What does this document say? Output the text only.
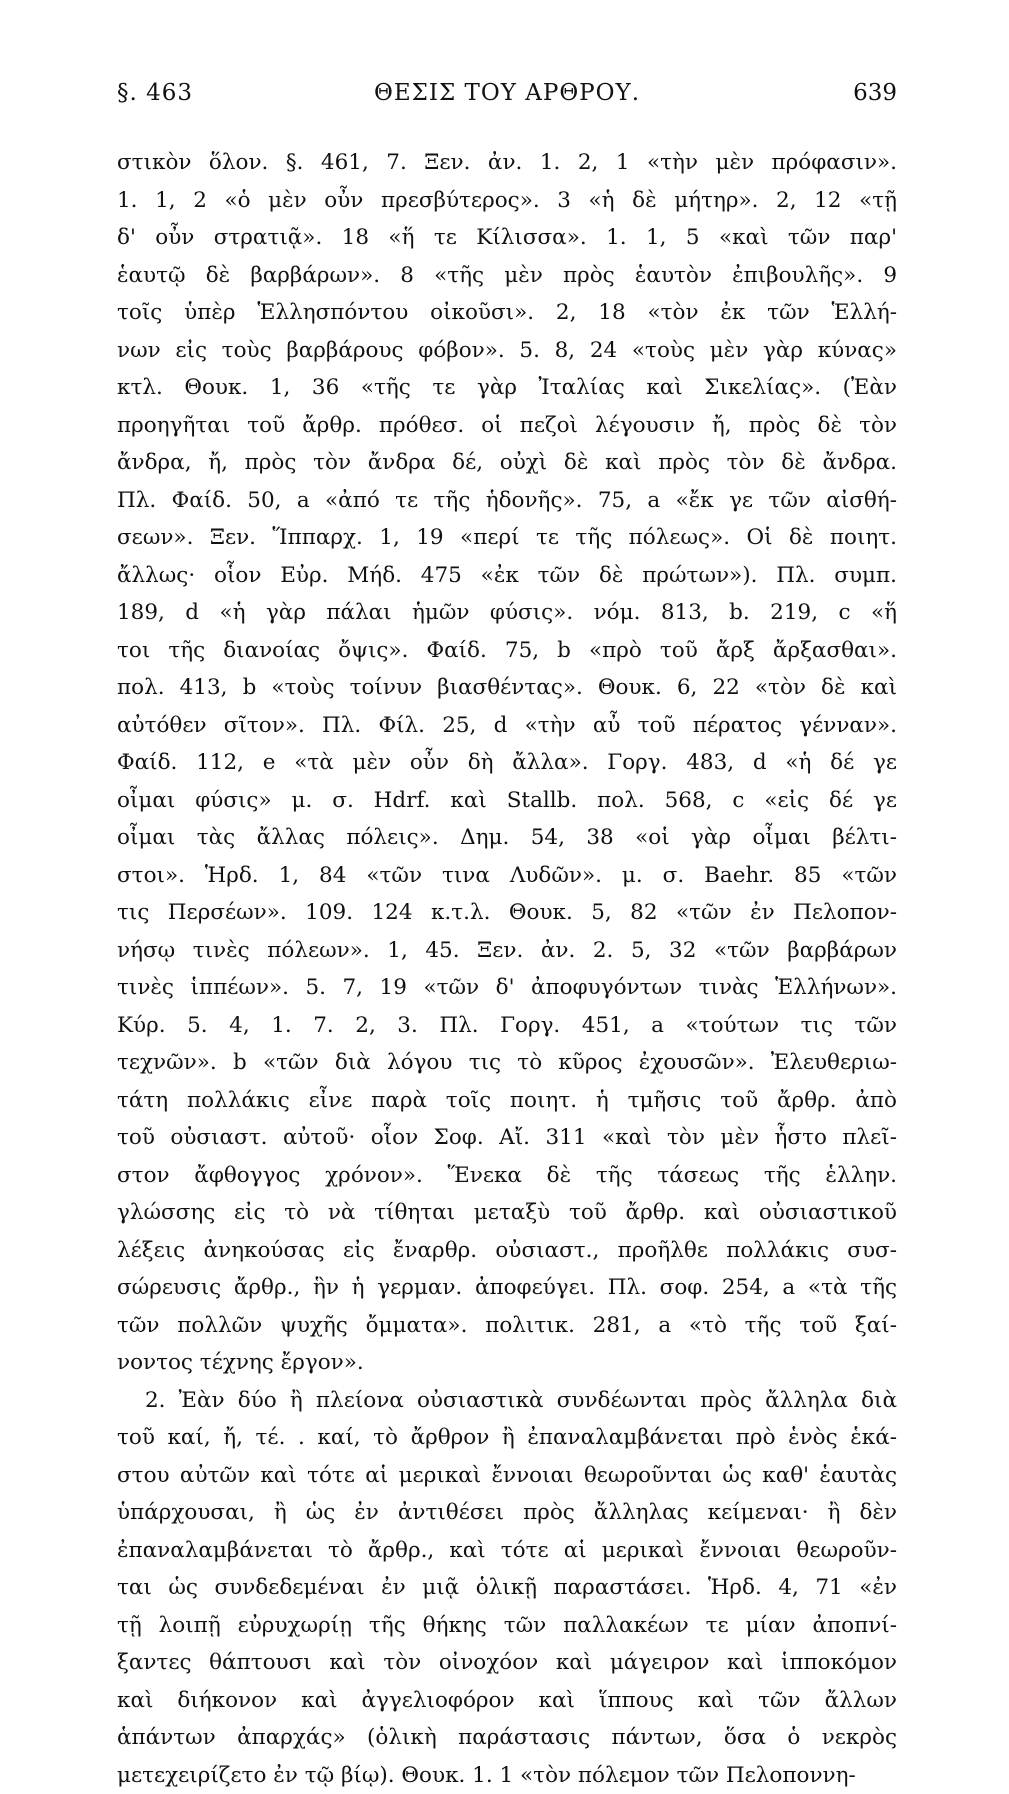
§. 463	ΘΕΣΙΣ ΤΟΥ ΑΡΘΡΟΥ.	639
στικὸν ὅλον. §. 461, 7. Ξεν. ἀν. 1. 2, 1 «τὴν μὲν πρόφασιν».
1. 1, 2 «ὁ μὲν οὖν πρεσβύτερος». 3 «ἡ δὲ μήτηρ». 2, 12 «τῇ
δ' οὖν στρατιᾷ». 18 «ἥ τε Κίλισσα». 1. 1, 5 «καὶ τῶν παρ'
ἑαυτῷ δὲ βαρβάρων». 8 «τῆς μὲν πρὸς ἑαυτὸν ἐπιβουλῆς». 9
τοῖς ὑπὲρ Ἑλλησπόντου οἰκοῦσι». 2, 18 «τὸν ἐκ τῶν Ἑλλή-
νων εἰς τοὺς βαρβάρους φόβον». 5. 8, 24 «τοὺς μὲν γὰρ κύνας»
κτλ. Θουκ. 1, 36 «τῆς τε γὰρ Ἰταλίας καὶ Σικελίας». (Ἐὰν
προηγῆται τοῦ ἄρθρ. πρόθεσ. οἱ πεζοὶ λέγουσιν ἤ, πρὸς δὲ τὸν
ἄνδρα, ἤ, πρὸς τὸν ἄνδρα δέ, οὐχὶ δὲ καὶ πρὸς τὸν δὲ ἄνδρα.
Πλ. Φαίδ. 50, a «ἀπό τε τῆς ἡδονῆς». 75, a «ἔκ γε τῶν αἰσθή-
σεων». Ξεν. Ἵππαρχ. 1, 19 «περί τε τῆς πόλεως». Οἱ δὲ ποιητ.
ἄλλως· οἷον Εὐρ. Μήδ. 475 «ἐκ τῶν δὲ πρώτων»). Πλ. συμπ.
189, d «ἡ γὰρ πάλαι ἡμῶν φύσις». νόμ. 813, b. 219, c «ἥ
τοι τῆς διανοίας ὄψις». Φαίδ. 75, b «πρὸ τοῦ ἄρξ ἄρξασθαι».
πολ. 413, b «τοὺς τοίνυν βιασθέντας». Θουκ. 6, 22 «τὸν δὲ καὶ
αὐτόθεν σῖτον». Πλ. Φίλ. 25, d «τὴν αὖ τοῦ πέρατος γένναν».
Φαίδ. 112, e «τὰ μὲν οὖν δὴ ἄλλα». Γοργ. 483, d «ἡ δέ γε
οἶμαι φύσις» μ. σ. Hdrf. καὶ Stallb. πολ. 568, c «εἰς δέ γε
οἶμαι τὰς ἄλλας πόλεις». Δημ. 54, 38 «οἱ γὰρ οἶμαι βέλτι-
στοι». Ἡρδ. 1, 84 «τῶν τινα Λυδῶν». μ. σ. Baehr. 85 «τῶν
τις Περσέων». 109. 124 κ.τ.λ. Θουκ. 5, 82 «τῶν ἐν Πελοπον-
νήσῳ τινὲς πόλεων». 1, 45. Ξεν. ἀν. 2. 5, 32 «τῶν βαρβάρων
τινὲς ἱππέων». 5. 7, 19 «τῶν δ' ἀποφυγόντων τινὰς Ἑλλήνων».
Κύρ. 5. 4, 1. 7. 2, 3. Πλ. Γοργ. 451, a «τούτων τις τῶν
τεχνῶν». b «τῶν διὰ λόγου τις τὸ κῦρος ἐχουσῶν». Ἐλευθεριω-
τάτη πολλάκις εἶνε παρὰ τοῖς ποιητ. ἡ τμῆσις τοῦ ἄρθρ. ἀπὸ
τοῦ οὐσιαστ. αὐτοῦ· οἷον Σοφ. Αἴ. 311 «καὶ τὸν μὲν ἧστο πλεῖ-
στον ἄφθογγος χρόνον». Ἕνεκα δὲ τῆς τάσεως τῆς ἑλλην.
γλώσσης εἰς τὸ νὰ τίθηται μεταξὺ τοῦ ἄρθρ. καὶ οὐσιαστικοῦ
λέξεις ἀνηκούσας εἰς ἔναρθρ. οὐσιαστ., προῆλθε πολλάκις συσ-
σώρευσις ἄρθρ., ἣν ἡ γερμαν. ἀποφεύγει. Πλ. σοφ. 254, a «τὰ τῆς
τῶν πολλῶν ψυχῆς ὄμματα». πολιτικ. 281, a «τὸ τῆς τοῦ ξαί-
νοντος τέχνης ἔργον».
2. Ἐὰν δύο ἢ πλείονα οὐσιαστικὰ συνδέωνται πρὸς ἄλληλα διὰ
τοῦ καί, ἤ, τέ. . καί, τὸ ἄρθρον ἢ ἐπαναλαμβάνεται πρὸ ἑνὸς ἑκά-
στου αὐτῶν καὶ τότε αἱ μερικαὶ ἔννοιαι θεωροῦνται ὡς καθ' ἑαυτὰς
ὑπάρχουσαι, ἢ ὡς ἐν ἀντιθέσει πρὸς ἄλληλας κείμεναι· ἢ δὲν
ἐπαναλαμβάνεται τὸ ἄρθρ., καὶ τότε αἱ μερικαὶ ἔννοιαι θεωροῦν-
ται ὡς συνδεδεμέναι ἐν μιᾷ ὁλικῇ παραστάσει. Ἡρδ. 4, 71 «ἐν
τῇ λοιπῇ εὐρυχωρίῃ τῆς θήκης τῶν παλλακέων τε μίαν ἀποπνί-
ξαντες θάπτουσι καὶ τὸν οἰνοχόον καὶ μάγειρον καὶ ἱπποκόμον
καὶ διήκονον καὶ ἀγγελιοφόρον καὶ ἵππους καὶ τῶν ἄλλων
ἁπάντων ἀπαρχάς» (ὁλικὴ παράστασις πάντων, ὅσα ὁ νεκρὸς
μετεχειρίζετο ἐν τῷ βίῳ). Θουκ. 1. 1 «τὸν πόλεμον τῶν Πελοποννη-
